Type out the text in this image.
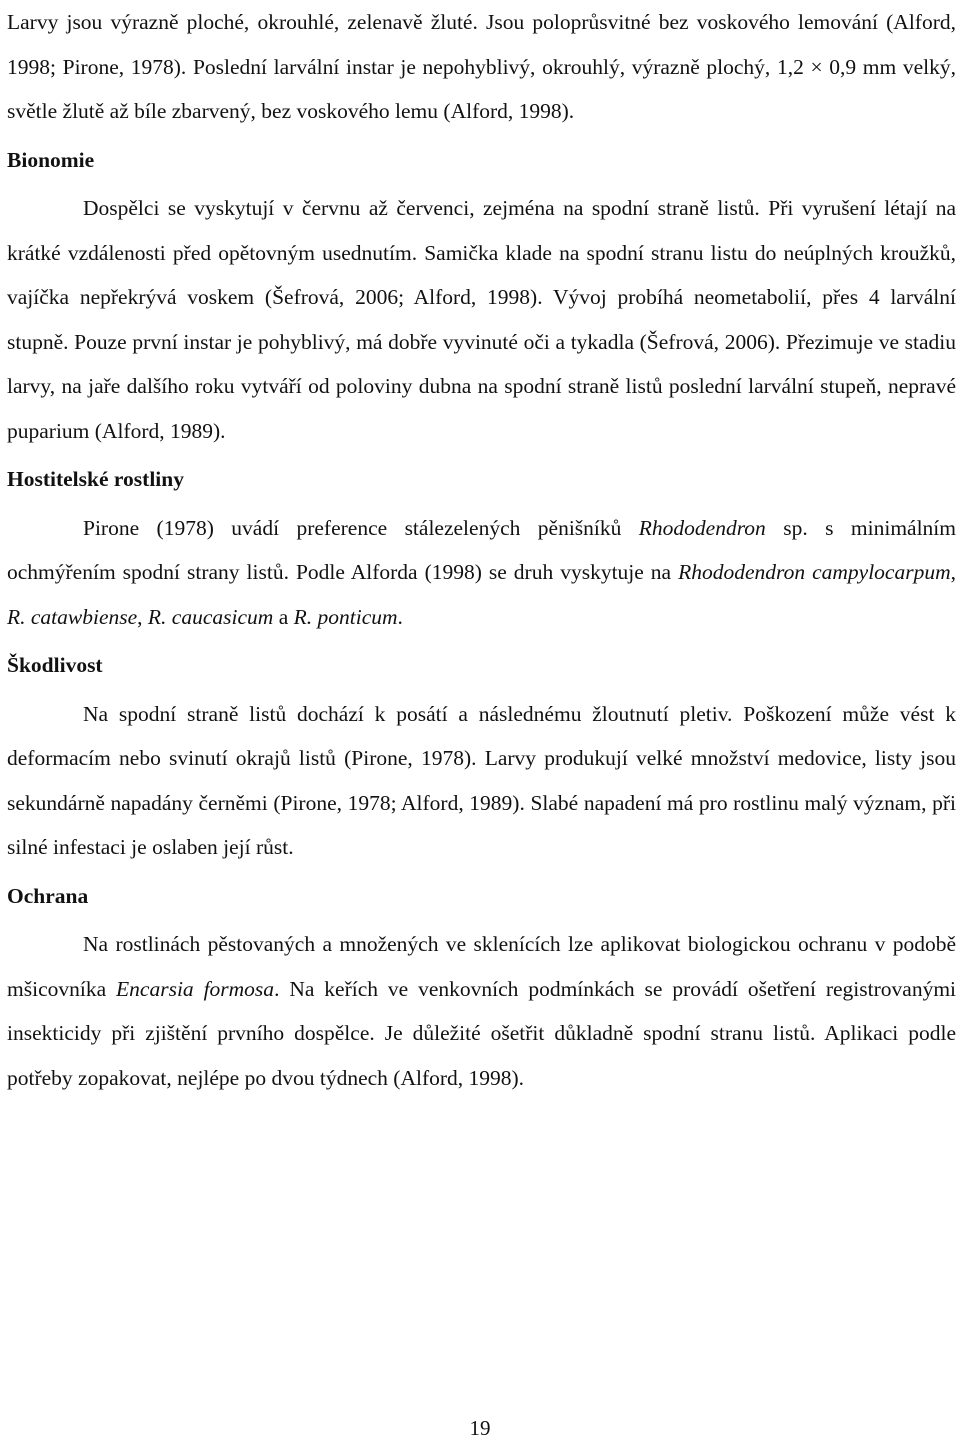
Larvy jsou výrazně ploché, okrouhlé, zelenavě žluté. Jsou poloprůsvitné bez voskového lemování (Alford, 1998; Pirone, 1978). Poslední larvální instar je nepohyblivý, okrouhlý, výrazně plochý, 1,2 × 0,9 mm velký, světle žlutě až bíle zbarvený, bez voskového lemu (Alford, 1998).

Bionomie

Dospělci se vyskytují v červnu až červenci, zejména na spodní straně listů. Při vyrušení létají na krátké vzdálenosti před opětovným usednutím. Samička klade na spodní stranu listu do neúplných kroužků, vajíčka nepřekrývá voskem (Šefrová, 2006; Alford, 1998). Vývoj probíhá neometabolií, přes 4 larvální stupně. Pouze první instar je pohyblivý, má dobře vyvinuté oči a tykadla (Šefrová, 2006). Přezimuje ve stadiu larvy, na jaře dalšího roku vytváří od poloviny dubna na spodní straně listů poslední larvální stupeň, nepravé puparium (Alford, 1989).

Hostitelské rostliny

Pirone (1978) uvádí preference stálezelených pěnišníků Rhododendron sp. s minimálním ochmýřením spodní strany listů. Podle Alforda (1998) se druh vyskytuje na Rhododendron campylocarpum, R. catawbiense, R. caucasicum a R. ponticum.

Škodlivost

Na spodní straně listů dochází k posátí a následnému žloutnutí pletiv. Poškození může vést k deformacím nebo svinutí okrajů listů (Pirone, 1978). Larvy produkují velké množství medovice, listy jsou sekundárně napadány černěmi (Pirone, 1978; Alford, 1989). Slabé napadení má pro rostlinu malý význam, při silné infestaci je oslaben její růst.

Ochrana

Na rostlinách pěstovaných a množených ve sklenících lze aplikovat biologickou ochranu v podobě mšicovníka Encarsia formosa. Na keřích ve venkovních podmínkách se provádí ošetření registrovanými insekticidy při zjištění prvního dospělce. Je důležité ošetřit důkladně spodní stranu listů. Aplikaci podle potřeby zopakovat, nejlépe po dvou týdnech (Alford, 1998).

19
